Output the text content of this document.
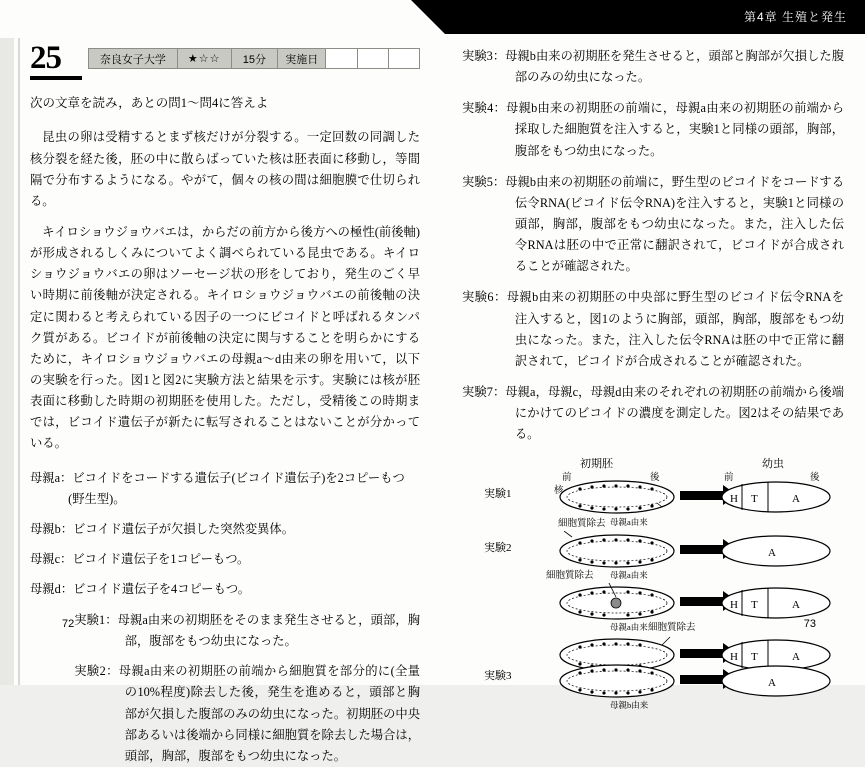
第4章 生殖と発生
25	奈良女子大学	★☆☆	15分	実施日
次の文章を読み，あとの問1〜問4に答えよ

昆虫の卵は受精するとまず核だけが分裂する。一定回数の同調した核分裂を経た後，胚の中に散らばっていた核は胚表面に移動し，等間隔で分布するようになる。やがて，個々の核の間は細胞膜で仕切られる。

キイロショウジョウバエは，からだの前方から後方への極性(前後軸)が形成されるしくみについてよく調べられている昆虫である。キイロショウジョウバエの卵はソーセージ状の形をしており，発生のごく早い時期に前後軸が決定される。キイロショウジョウバエの前後軸の決定に関わると考えられている因子の一つにビコイドと呼ばれるタンパク質がある。ビコイドが前後軸の決定に関与することを明らかにするために，キイロショウジョウバエの母親a〜d由来の卵を用いて，以下の実験を行った。図1と図2に実験方法と結果を示す。実験には核が胚表面に移動した時期の初期胚を使用した。ただし，受精後この時期までは，ビコイド遺伝子が新たに転写されることはないことが分かっている。

母親a：ビコイドをコードする遺伝子(ビコイド遺伝子)を2コピーもつ(野生型)。
母親b：ビコイド遺伝子が欠損した突然変異体。
母親c：ビコイド遺伝子を1コピーもつ。
母親d：ビコイド遺伝子を4コピーもつ。
実験1：母親a由来の初期胚をそのまま発生させると，頭部，胸部，腹部をもつ幼虫になった。
実験2：母親a由来の初期胚の前端から細胞質を部分的に(全量の10%程度)除去した後，発生を進めると，頭部と胸部が欠損した腹部のみの幼虫になった。初期胚の中央部あるいは後端から同様に細胞質を除去した場合は，頭部，胸部，腹部をもつ幼虫になった。
72
実験3：母親b由来の初期胚を発生させると，頭部と胸部が欠損した腹部のみの幼虫になった。
実験4：母親b由来の初期胚の前端に，母親a由来の初期胚の前端から採取した細胞質を注入すると，実験1と同様の頭部，胸部，腹部をもつ幼虫になった。
実験5：母親b由来の初期胚の前端に，野生型のビコイドをコードする伝令RNA(ビコイド伝令RNA)を注入すると，実験1と同様の頭部，胸部，腹部をもつ幼虫になった。また，注入した伝令RNAは胚の中で正常に翻訳されて，ビコイドが合成されることが確認された。
実験6：母親b由来の初期胚の中央部に野生型のビコイド伝令RNAを注入すると，図1のように胸部，頭部，胸部，腹部をもつ幼虫になった。また，注入した伝令RNAは胚の中で正常に翻訳されて，ビコイドが合成されることが確認された。
実験7：母親a，母親c，母親d由来のそれぞれの初期胚の前端から後端にかけてのビコイドの濃度を測定した。図2はその結果である。
初期胚	幼虫
前	後	前	後
核
実験1
母親a由来
H T	A
実験2
細胞質除去
母親a由来
A
細胞質除去
母親a由来
H T	A
細胞質除去
H T	A
実験3
母親b由来
A
73
